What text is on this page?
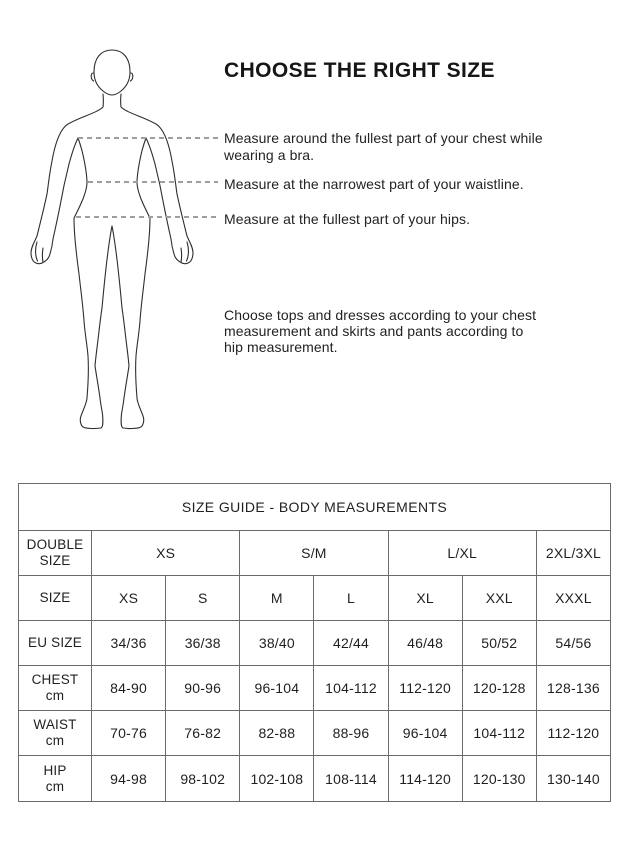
CHOOSE THE RIGHT SIZE

Measure around the fullest part of your chest while wearing a bra.

Measure at the narrowest part of your waistline.

Measure at the fullest part of your hips.

Choose tops and dresses according to your chest measurement and skirts and pants according to hip measurement.

SIZE GUIDE - BODY MEASUREMENTS							

DOUBLE
SIZE	XS		S/M		L/XL		2XL/3XL
SIZE	XS	S	M	L	XL	XXL	XXXL
EU SIZE	34/36	36/38	38/40	42/44	46/48	50/52	54/56

CHEST
cm	84-90	90-96	96-104	104-112	112-120	120-128	128-136

WAIST
cm	70-76	76-82	82-88	88-96	96-104	104-112	112-120

HIP
cm	94-98	98-102	102-108	108-114	114-120	120-130	130-140
